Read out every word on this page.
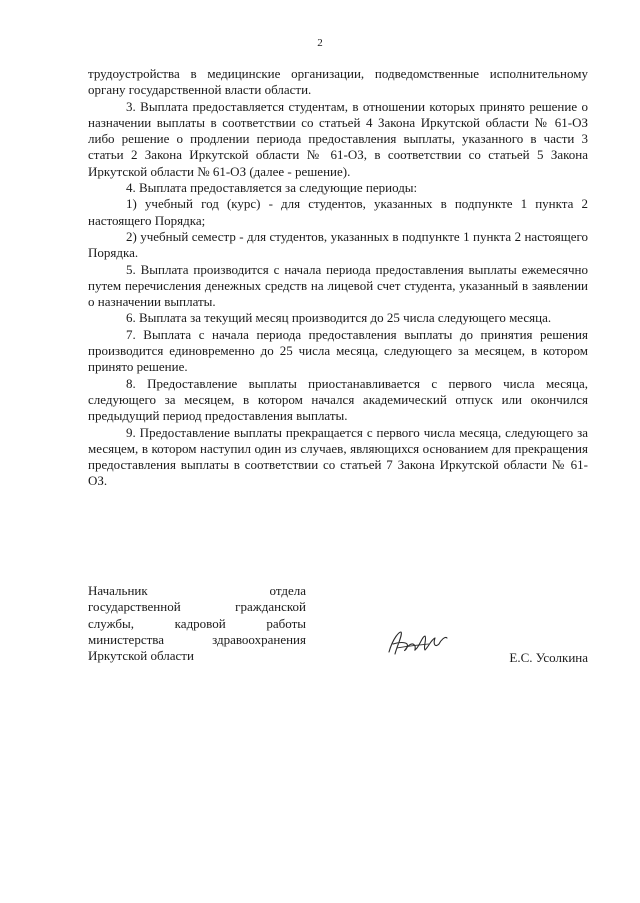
2

трудоустройства в медицинские организации, подведомственные исполнительному органу государственной власти области.

3. Выплата предоставляется студентам, в отношении которых принято решение о назначении выплаты в соответствии со статьей 4 Закона Иркутской области № 61-ОЗ либо решение о продлении периода предоставления выплаты, указанного в части 3 статьи 2 Закона Иркутской области № 61-ОЗ, в соответствии со статьей 5 Закона Иркутской области № 61-ОЗ (далее - решение).

4. Выплата предоставляется за следующие периоды:

1) учебный год (курс) - для студентов, указанных в подпункте 1 пункта 2 настоящего Порядка;

2) учебный семестр - для студентов, указанных в подпункте 1 пункта 2 настоящего Порядка.

5. Выплата производится с начала периода предоставления выплаты ежемесячно путем перечисления денежных средств на лицевой счет студента, указанный в заявлении о назначении выплаты.

6. Выплата за текущий месяц производится до 25 числа следующего месяца.

7. Выплата с начала периода предоставления выплаты до принятия решения производится единовременно до 25 числа месяца, следующего за месяцем, в котором принято решение.

8. Предоставление выплаты приостанавливается с первого числа месяца, следующего за месяцем, в котором начался академический отпуск или окончился предыдущий период предоставления выплаты.

9. Предоставление выплаты прекращается с первого числа месяца, следующего за месяцем, в котором наступил один из случаев, являющихся основанием для прекращения предоставления выплаты в соответствии со статьей 7 Закона Иркутской области № 61-ОЗ.

Начальник отдела
государственной гражданской
службы, кадровой работы
министерства здравоохранения
Иркутской области	Е.С. Усолкина
